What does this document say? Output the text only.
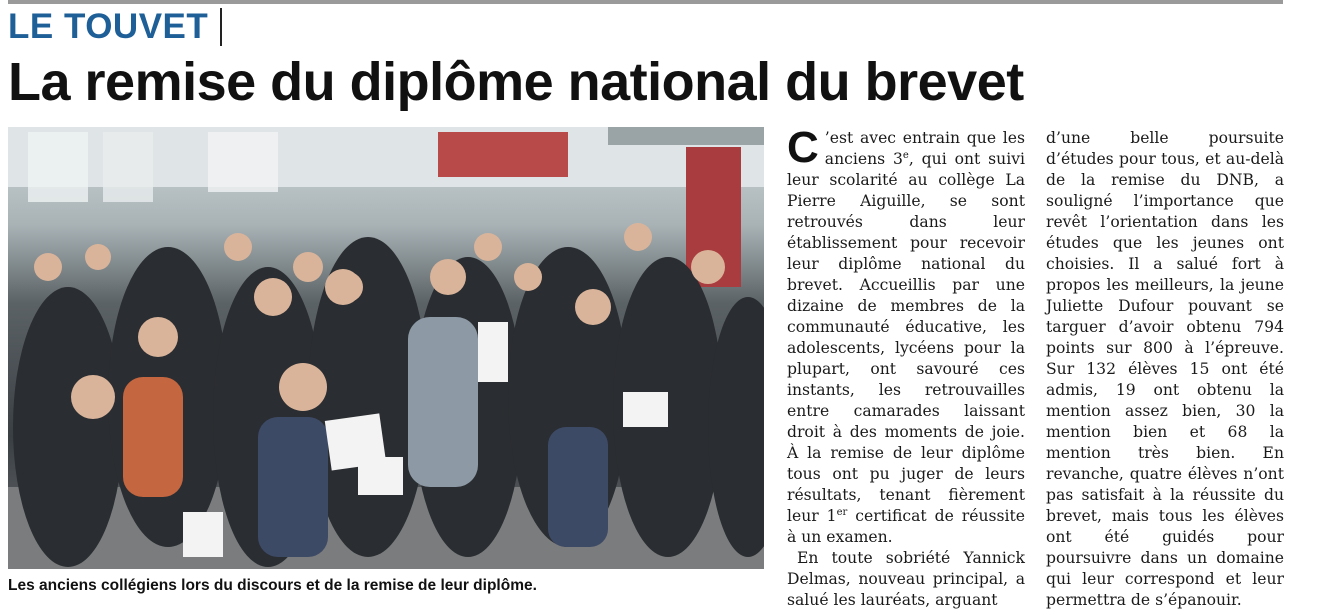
LE TOUVET
La remise du diplôme national du brevet
Les anciens collégiens lors du discours et de la remise de leur diplôme.

C ’est avec entrain que les anciens 3e, qui ont suivi leur scolarité au collège La Pierre Aiguille, se sont retrouvés dans leur établissement pour recevoir leur diplôme national du brevet. Accueillis par une dizaine de membres de la communauté éducative, les adolescents, lycéens pour la plupart, ont savouré ces instants, les retrouvailles entre camarades laissant droit à des moments de joie. À la remise de leur diplôme tous ont pu juger de leurs résultats, tenant fièrement leur 1er certificat de réussite à un examen.

En toute sobriété Yannick Delmas, nouveau principal, a salué les lauréats, arguant

d’une belle poursuite d’études pour tous, et au-delà de la remise du DNB, a souligné l’importance que revêt l’orientation dans les études que les jeunes ont choisies. Il a salué fort à propos les meilleurs, la jeune Juliette Dufour pouvant se targuer d’avoir obtenu 794 points sur 800 à l’épreuve. Sur 132 élèves 15 ont été admis, 19 ont obtenu la mention assez bien, 30 la mention bien et 68 la mention très bien. En revanche, quatre élèves n’ont pas satisfait à la réussite du brevet, mais tous les élèves ont été guidés pour poursuivre dans un domaine qui leur correspond et leur permettra de s’épanouir.
